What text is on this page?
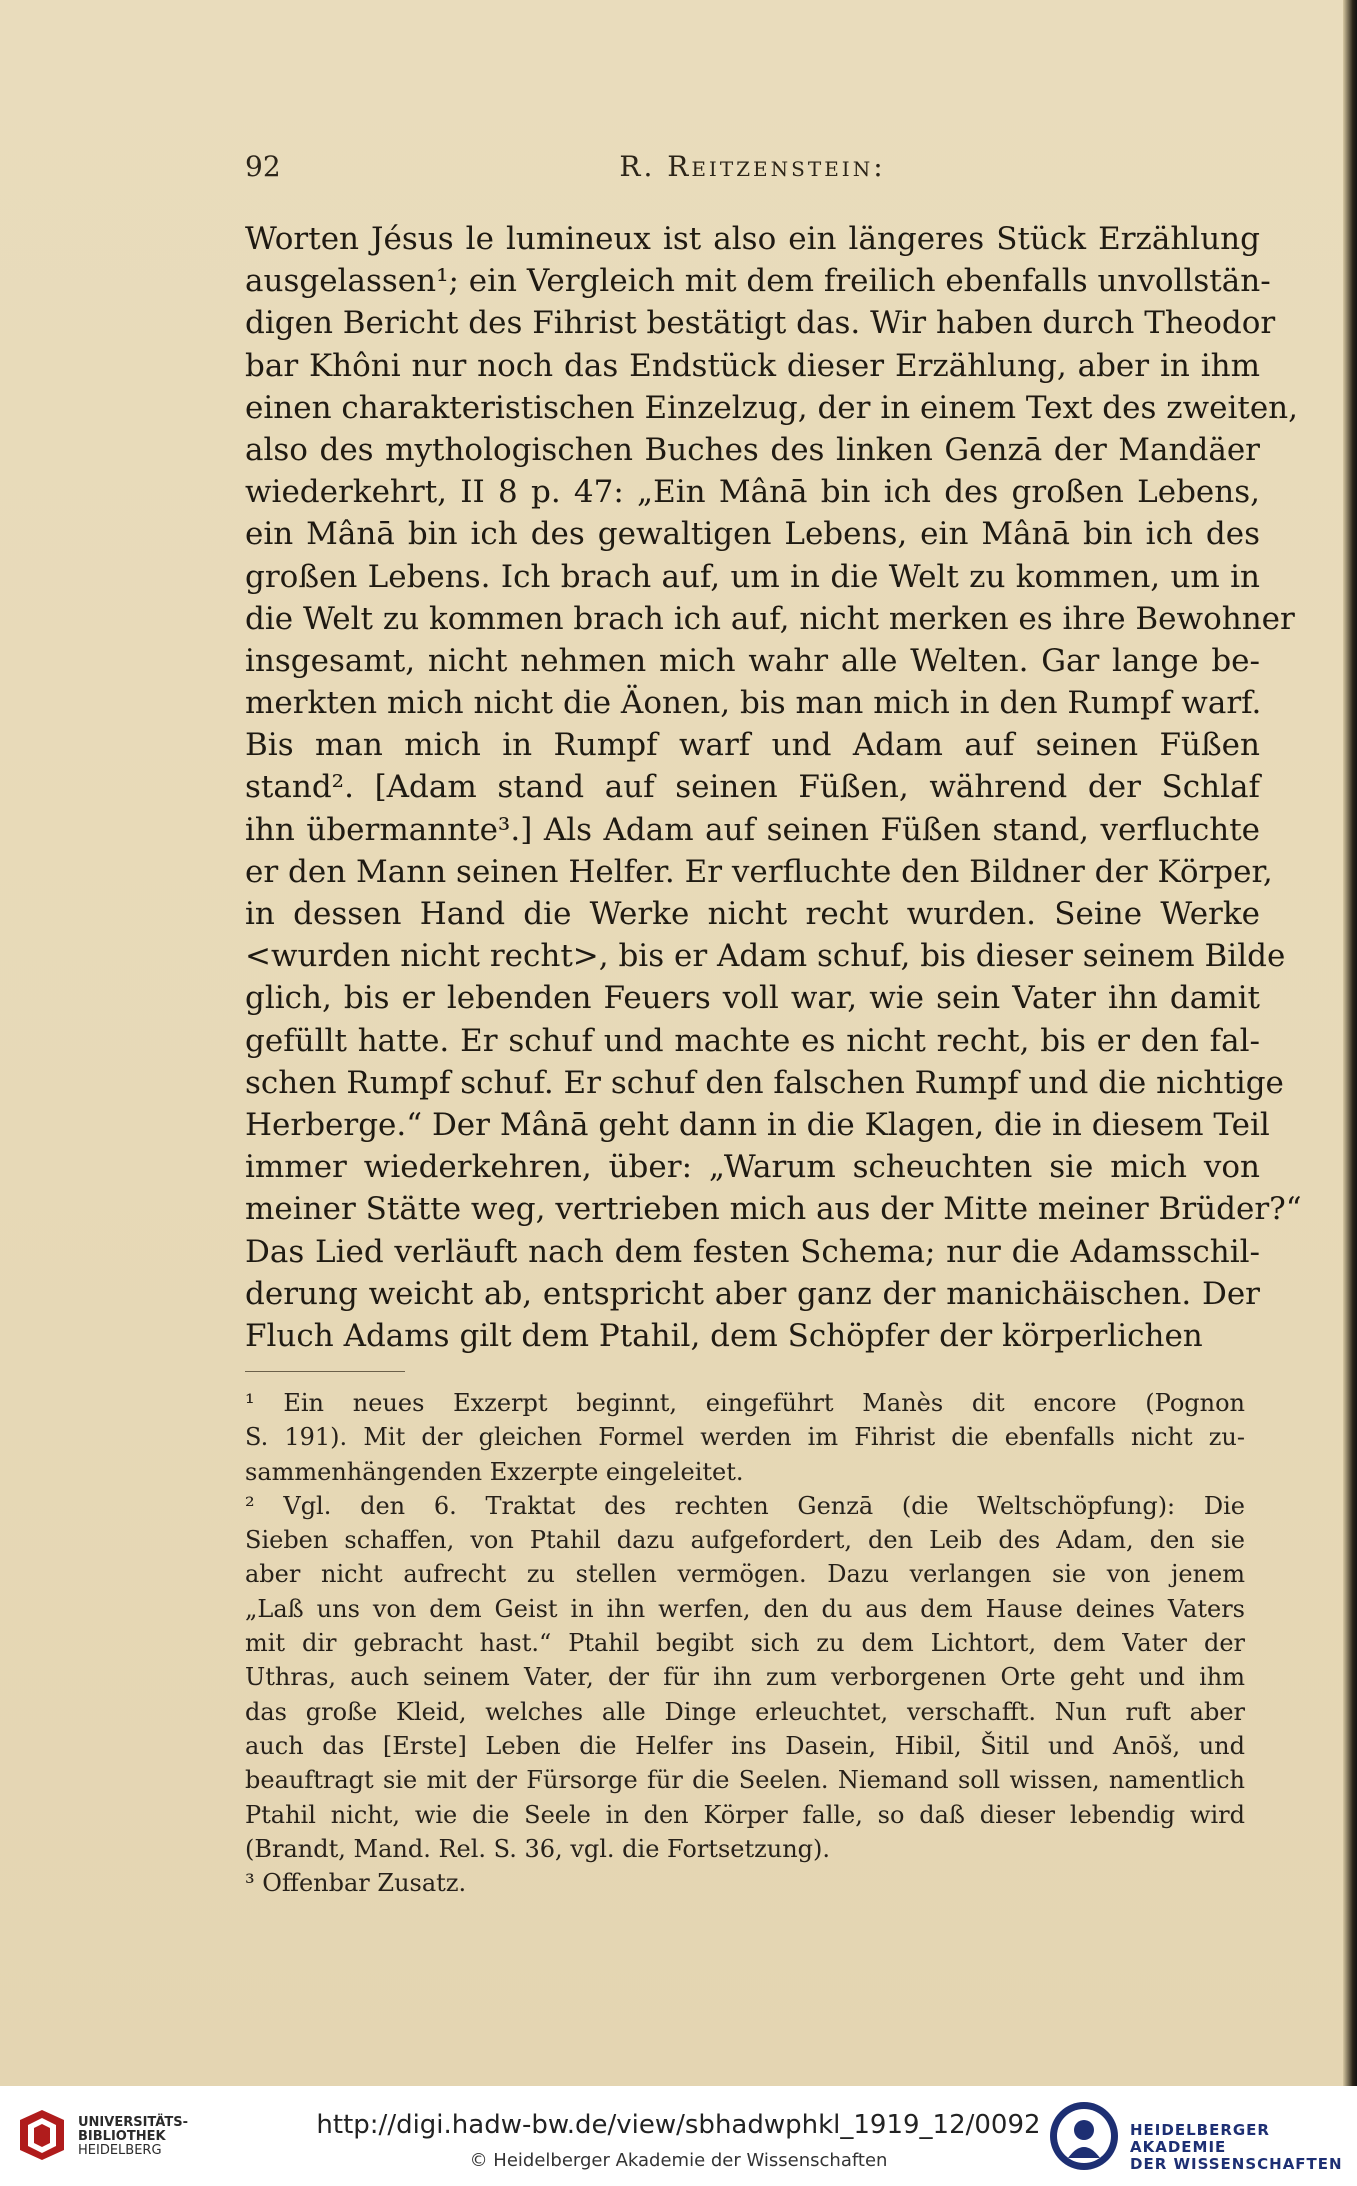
92	R. Reitzenstein:
Worten Jésus le lumineux ist also ein längeres Stück Erzählung
ausgelassen¹; ein Vergleich mit dem freilich ebenfalls unvollstän-
digen Bericht des Fihrist bestätigt das. Wir haben durch Theodor
bar Khôni nur noch das Endstück dieser Erzählung, aber in ihm
einen charakteristischen Einzelzug, der in einem Text des zweiten,
also des mythologischen Buches des linken Genzā der Mandäer
wiederkehrt, II 8 p. 47: „Ein Mânā bin ich des großen Lebens,
ein Mânā bin ich des gewaltigen Lebens, ein Mânā bin ich des
großen Lebens. Ich brach auf, um in die Welt zu kommen, um in
die Welt zu kommen brach ich auf, nicht merken es ihre Bewohner
insgesamt, nicht nehmen mich wahr alle Welten. Gar lange be-
merkten mich nicht die Äonen, bis man mich in den Rumpf warf.
Bis man mich in Rumpf warf und Adam auf seinen Füßen
stand². [Adam stand auf seinen Füßen, während der Schlaf
ihn übermannte³.] Als Adam auf seinen Füßen stand, verfluchte
er den Mann seinen Helfer. Er verfluchte den Bildner der Körper,
in dessen Hand die Werke nicht recht wurden. Seine Werke
<wurden nicht recht>, bis er Adam schuf, bis dieser seinem Bilde
glich, bis er lebenden Feuers voll war, wie sein Vater ihn damit
gefüllt hatte. Er schuf und machte es nicht recht, bis er den fal-
schen Rumpf schuf. Er schuf den falschen Rumpf und die nichtige
Herberge.“ Der Mânā geht dann in die Klagen, die in diesem Teil
immer wiederkehren, über: „Warum scheuchten sie mich von
meiner Stätte weg, vertrieben mich aus der Mitte meiner Brüder?“
Das Lied verläuft nach dem festen Schema; nur die Adamsschil-
derung weicht ab, entspricht aber ganz der manichäischen. Der
Fluch Adams gilt dem Ptahil, dem Schöpfer der körperlichen
¹ Ein neues Exzerpt beginnt, eingeführt Manès dit encore (Pognon
S. 191). Mit der gleichen Formel werden im Fihrist die ebenfalls nicht zu-
sammenhängenden Exzerpte eingeleitet.
² Vgl. den 6. Traktat des rechten Genzā (die Weltschöpfung): Die
Sieben schaffen, von Ptahil dazu aufgefordert, den Leib des Adam, den sie
aber nicht aufrecht zu stellen vermögen. Dazu verlangen sie von jenem
„Laß uns von dem Geist in ihn werfen, den du aus dem Hause deines Vaters
mit dir gebracht hast.“ Ptahil begibt sich zu dem Lichtort, dem Vater der
Uthras, auch seinem Vater, der für ihn zum verborgenen Orte geht und ihm
das große Kleid, welches alle Dinge erleuchtet, verschafft. Nun ruft aber
auch das [Erste] Leben die Helfer ins Dasein, Hibil, Šitil und Anōš, und
beauftragt sie mit der Fürsorge für die Seelen. Niemand soll wissen, namentlich
Ptahil nicht, wie die Seele in den Körper falle, so daß dieser lebendig wird
(Brandt, Mand. Rel. S. 36, vgl. die Fortsetzung).
³ Offenbar Zusatz.
UNIVERSITÄTS-
BIBLIOTHEK
HEIDELBERG
http://digi.hadw-bw.de/view/sbhadwphkl_1919_12/0092
© Heidelberger Akademie der Wissenschaften
HEIDELBERGER AKADEMIE
DER WISSENSCHAFTEN
